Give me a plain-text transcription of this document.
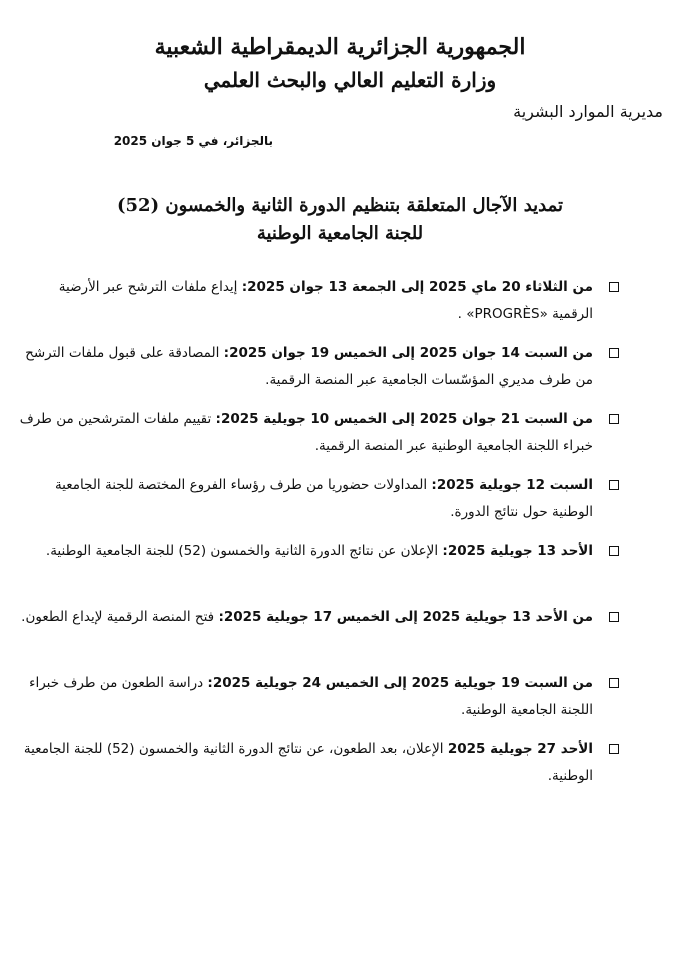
الجمهورية الجزائرية الديمقراطية الشعبية
وزارة التعليم العالي والبحث العلمي
مديرية الموارد البشرية
بالجزائر، في 5 جوان 2025
تمديد الآجال المتعلقة بتنظيم الدورة الثانية والخمسون (52)
للجنة الجامعية الوطنية
من الثلاثاء 20 ماي 2025 إلى الجمعة 13 جوان 2025: إيداع ملفات الترشح عبر الأرضية الرقمية «PROGRÈS» .
من السبت 14 جوان 2025 إلى الخميس 19 جوان 2025: المصادقة على قبول ملفات الترشح من طرف مديري المؤسّسات الجامعية عبر المنصة الرقمية.
من السبت 21 جوان 2025 إلى الخميس 10 جويلية 2025: تقييم ملفات المترشحين من طرف خبراء اللجنة الجامعية الوطنية عبر المنصة الرقمية.
السبت 12 جويلية 2025: المداولات حضوريا من طرف رؤساء الفروع المختصة للجنة الجامعية الوطنية حول نتائج الدورة.
الأحد 13 جويلية 2025: الإعلان عن نتائج الدورة الثانية والخمسون (52) للجنة الجامعية الوطنية.
من الأحد 13 جويلية 2025 إلى الخميس 17 جويلية 2025: فتح المنصة الرقمية لإيداع الطعون.
من السبت 19 جويلية 2025 إلى الخميس 24 جويلية 2025: دراسة الطعون من طرف خبراء اللجنة الجامعية الوطنية.
الأحد 27 جويلية 2025 الإعلان، بعد الطعون، عن نتائج الدورة الثانية والخمسون (52) للجنة الجامعية الوطنية.
